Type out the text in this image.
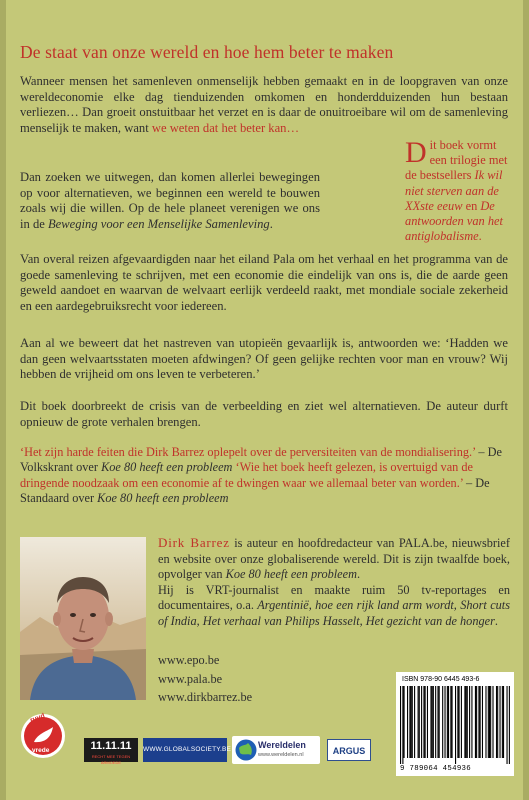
De staat van onze wereld en hoe hem beter te maken

Wanneer mensen het samenleven onmenselijk hebben gemaakt en in de loopgraven van onze wereldeconomie elke dag tienduizenden omkomen en honderdduizenden hun bestaan verliezen… Dan groeit onstuitbaar het verzet en is daar de onuitroeibare wil om de samenleving menselijk te maken, want we weten dat het beter kan…

Dan zoeken we uitwegen, dan komen allerlei bewegingen op voor alternatieven, we beginnen een wereld te bouwen zoals wij die willen. Op de hele planeet verenigen we ons in de Beweging voor een Menselijke Samenleving.

Dit boek vormt een trilogie met de bestsellers Ik wil niet sterven aan de XXste eeuw en De antwoorden van het antiglobalisme.
Van overal reizen afgevaardigden naar het eiland Pala om het verhaal en het programma van de goede samenleving te schrijven, met een economie die eindelijk van ons is, die de aarde geen geweld aandoet en waarvan de welvaart eerlijk verdeeld raakt, met mondiale sociale zekerheid en een aardegebruiksrecht voor iedereen.
Aan al we beweert dat het nastreven van utopieën gevaarlijk is, antwoorden we: ‘Hadden we dan geen welvaartsstaten moeten afdwingen? Of geen gelijke rechten voor man en vrouw? Wij hebben de vrijheid om ons leven te verbeteren.’
Dit boek doorbreekt de crisis van de verbeelding en ziet wel alternatieven. De auteur durft opnieuw de grote verhalen brengen.
‘Het zijn harde feiten die Dirk Barrez oplepelt over de perversiteiten van de mondialisering.’ – De Volkskrant over Koe 80 heeft een probleem ‘Wie het boek heeft gelezen, is overtuigd van de dringende noodzaak om een economie af te dwingen waar we allemaal beter van worden.’ – De Standaard over Koe 80 heeft een probleem
Dirk Barrez is auteur en hoofdredacteur van PALA.be, nieuwsbrief en website over onze globaliserende wereld. Dit is zijn twaalfde boek, opvolger van Koe 80 heeft een probleem.
Hij is VRT-journalist en maakte ruim 50 tv-reportages en documentaires, o.a. Argentinië, hoe een rijk land arm wordt, Short cuts of India, Het verhaal van Philips Hasselt, Het gezicht van de honger.
www.epo.be
www.pala.be
www.dirkbarrez.be
ISBN 978-90 6445 493-6
9 789064 454936
ruyd
vrede	11.11.11
RECHT MEE TEGEN ARMOEDE
WWW.GLOBALSOCIETY.BE	Wereldelen
www.wereldelen.nl	ARGUS
